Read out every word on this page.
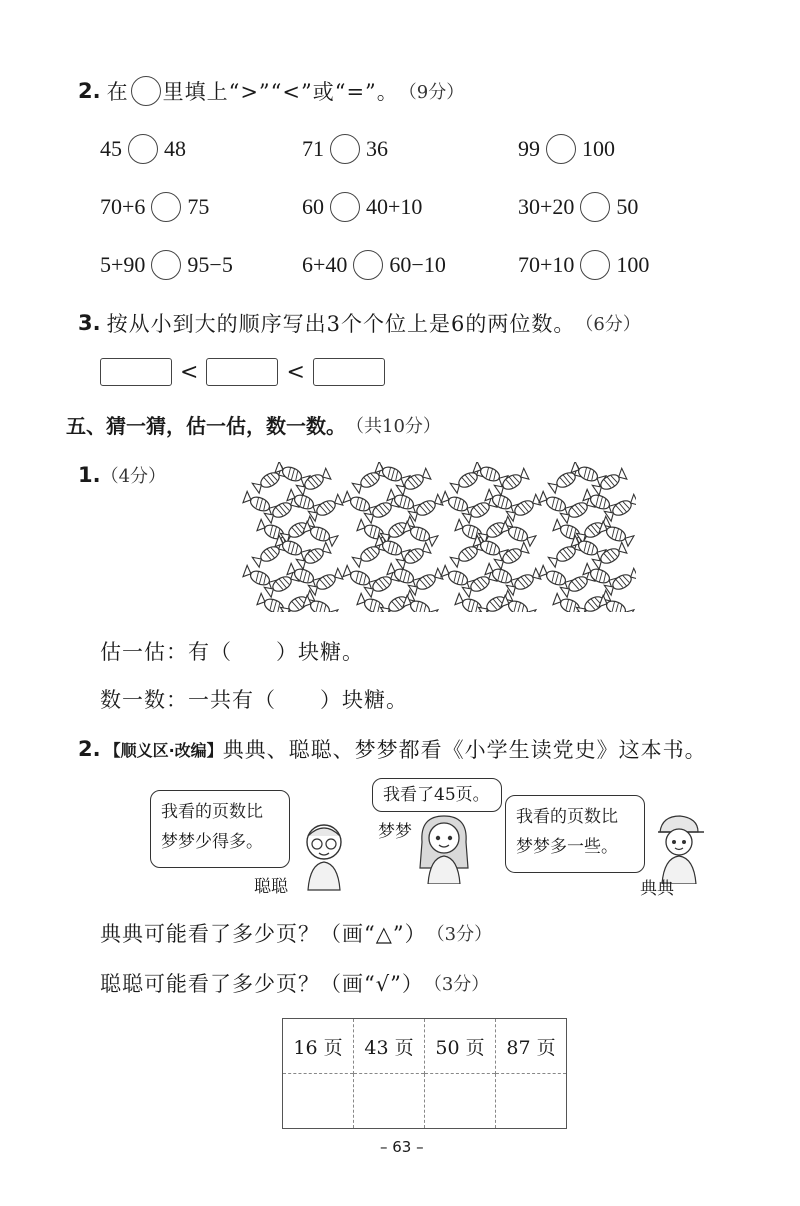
2. 在 里填上“>”“<”或“=”。 （9分）
45 48	71 36	99 100
70+6 75	60 40+10	30+20 50
5+90 95−5	6+40 60−10	70+10 100
3. 按从小到大的顺序写出3个个位上是6的两位数。 （6分）
<	<
五、猜一猜，估一估，数一数。 （共10分）
1. （4分）
估一估：有（　　）块糖。
数一数：一共有（　　）块糖。
2. 【顺义区·改编】 典典、聪聪、梦梦都看《小学生读党史》这本书。
我看的页数比
梦梦少得多。
我看了45页。
我看的页数比
梦梦多一些。
聪聪
梦梦
典典
典典可能看了多少页？（画“△”） （3分）
聪聪可能看了多少页？（画“√”） （3分）
16 页	43 页	50 页	87 页

– 63 –
